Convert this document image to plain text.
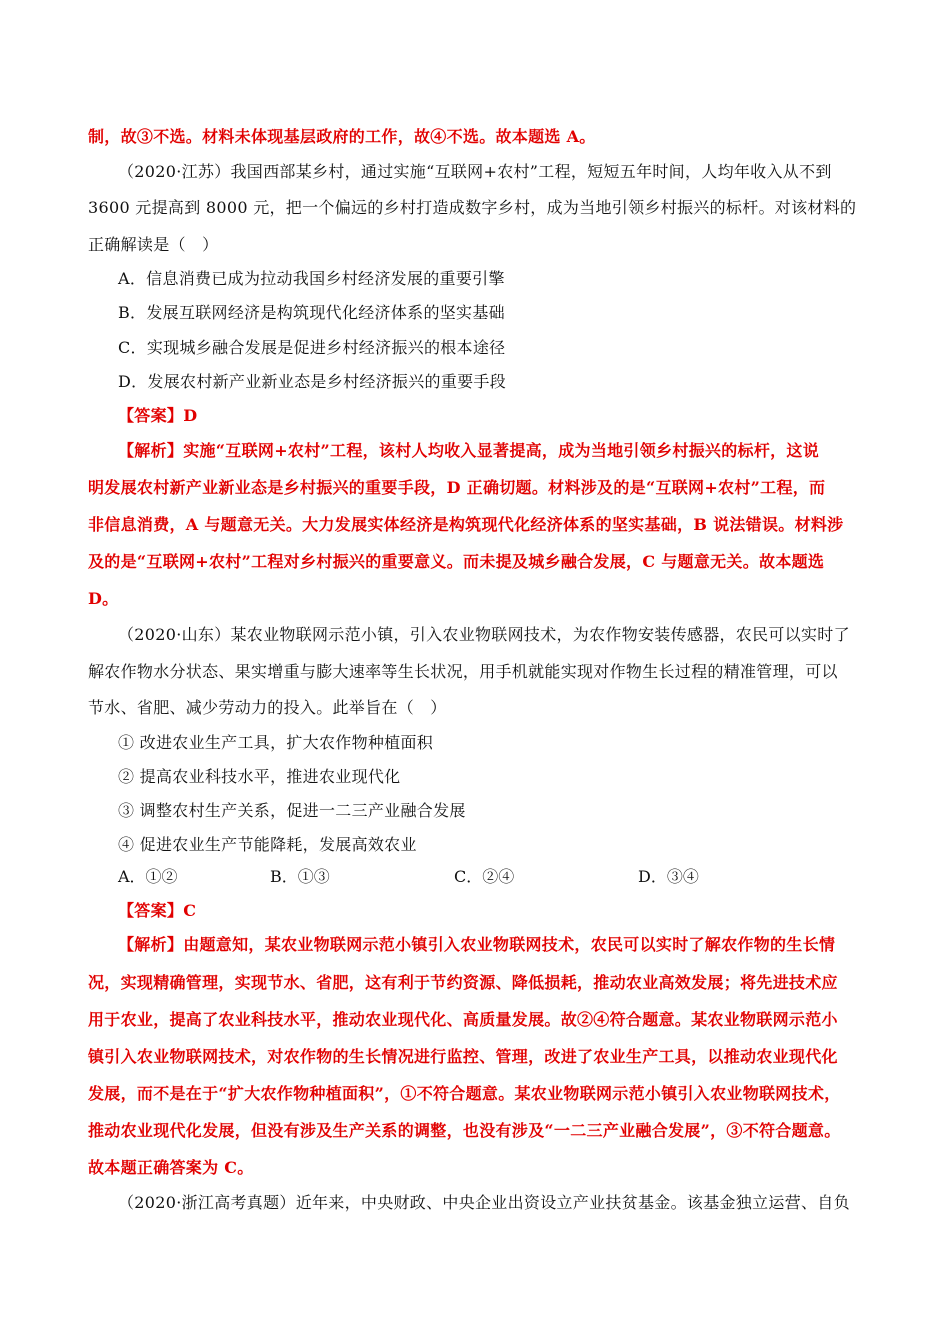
制，故③不选。材料未体现基层政府的工作，故④不选。故本题选 A。
（2020·江苏）我国西部某乡村，通过实施“互联网+农村”工程，短短五年时间，人均年收入从不到
3600 元提高到 8000 元，把一个偏远的乡村打造成数字乡村，成为当地引领乡村振兴的标杆。对该材料的
正确解读是（　）
A．信息消费已成为拉动我国乡村经济发展的重要引擎
B．发展互联网经济是构筑现代化经济体系的坚实基础
C．实现城乡融合发展是促进乡村经济振兴的根本途径
D．发展农村新产业新业态是乡村经济振兴的重要手段
【答案】D
【解析】实施“互联网+农村”工程，该村人均收入显著提高，成为当地引领乡村振兴的标杆，这说
明发展农村新产业新业态是乡村振兴的重要手段，D 正确切题。材料涉及的是“互联网+农村”工程，而
非信息消费，A 与题意无关。大力发展实体经济是构筑现代化经济体系的坚实基础，B 说法错误。材料涉
及的是“互联网+农村”工程对乡村振兴的重要意义。而未提及城乡融合发展，C 与题意无关。故本题选
D。
（2020·山东）某农业物联网示范小镇，引入农业物联网技术，为农作物安装传感器，农民可以实时了
解农作物水分状态、果实增重与膨大速率等生长状况，用手机就能实现对作物生长过程的精准管理，可以
节水、省肥、减少劳动力的投入。此举旨在（　）
① 改进农业生产工具，扩大农作物种植面积
② 提高农业科技水平，推进农业现代化
③ 调整农村生产关系，促进一二三产业融合发展
④ 促进农业生产节能降耗，发展高效农业
A．①②	B．①③	C．②④	D．③④
【答案】C
【解析】由题意知，某农业物联网示范小镇引入农业物联网技术，农民可以实时了解农作物的生长情
况，实现精确管理，实现节水、省肥，这有利于节约资源、降低损耗，推动农业高效发展；将先进技术应
用于农业，提高了农业科技水平，推动农业现代化、高质量发展。故②④符合题意。某农业物联网示范小
镇引入农业物联网技术，对农作物的生长情况进行监控、管理，改进了农业生产工具，以推动农业现代化
发展，而不是在于“扩大农作物种植面积”，①不符合题意。某农业物联网示范小镇引入农业物联网技术，
推动农业现代化发展，但没有涉及生产关系的调整，也没有涉及“一二三产业融合发展”，③不符合题意。
故本题正确答案为 C。
（2020·浙江高考真题）近年来，中央财政、中央企业出资设立产业扶贫基金。该基金独立运营、自负
